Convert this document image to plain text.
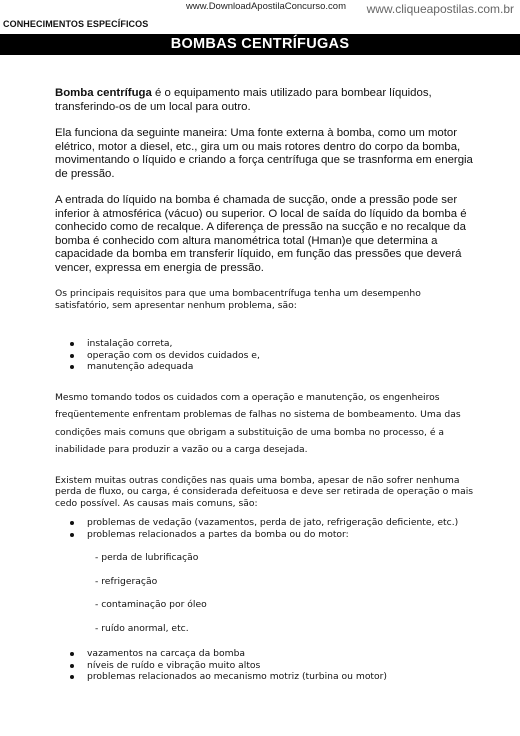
www.DownloadApostilaConcurso.com www.cliqueapostilas.com.br
CONHECIMENTOS ESPECÍFICOS
BOMBAS CENTRÍFUGAS

Bomba centrífuga é o equipamento mais utilizado para bombear líquidos, transferindo-os de um local para outro.

Ela funciona da seguinte maneira: Uma fonte externa à bomba, como um motor elétrico, motor a diesel, etc., gira um ou mais rotores dentro do corpo da bomba, movimentando o líquido e criando a força centrífuga que se trasnforma em energia de pressão.

A entrada do líquido na bomba é chamada de sucção, onde a pressão pode ser inferior à atmosférica (vácuo) ou superior. O local de saída do líquido da bomba é conhecido como de recalque. A diferença de pressão na sucção e no recalque da bomba é conhecido com altura manométrica total (Hman)e que determina a capacidade da bomba em transferir líquido, em função das pressões que deverá vencer, expressa em energia de pressão.

Os principais requisitos para que uma bombacentrífuga tenha um desempenho satisfatório, sem apresentar nenhum problema, são:

instalação correta,
operação com os devidos cuidados e,
manutenção adequada

Mesmo tomando todos os cuidados com a operação e manutenção, os engenheiros freqüentemente enfrentam problemas de falhas no sistema de bombeamento. Uma das condições mais comuns que obrigam a substituição de uma bomba no processo, é a inabilidade para produzir a vazão ou a carga desejada.

Existem muitas outras condições nas quais uma bomba, apesar de não sofrer nenhuma perda de fluxo, ou carga, é considerada defeituosa e deve ser retirada de operação o mais cedo possível. As causas mais comuns, são:

problemas de vedação (vazamentos, perda de jato, refrigeração deficiente, etc.)
problemas relacionados a partes da bomba ou do motor:
- perda de lubrificação
- refrigeração
- contaminação por óleo
- ruído anormal, etc.
vazamentos na carcaça da bomba
níveis de ruído e vibração muito altos
problemas relacionados ao mecanismo motriz (turbina ou motor)
